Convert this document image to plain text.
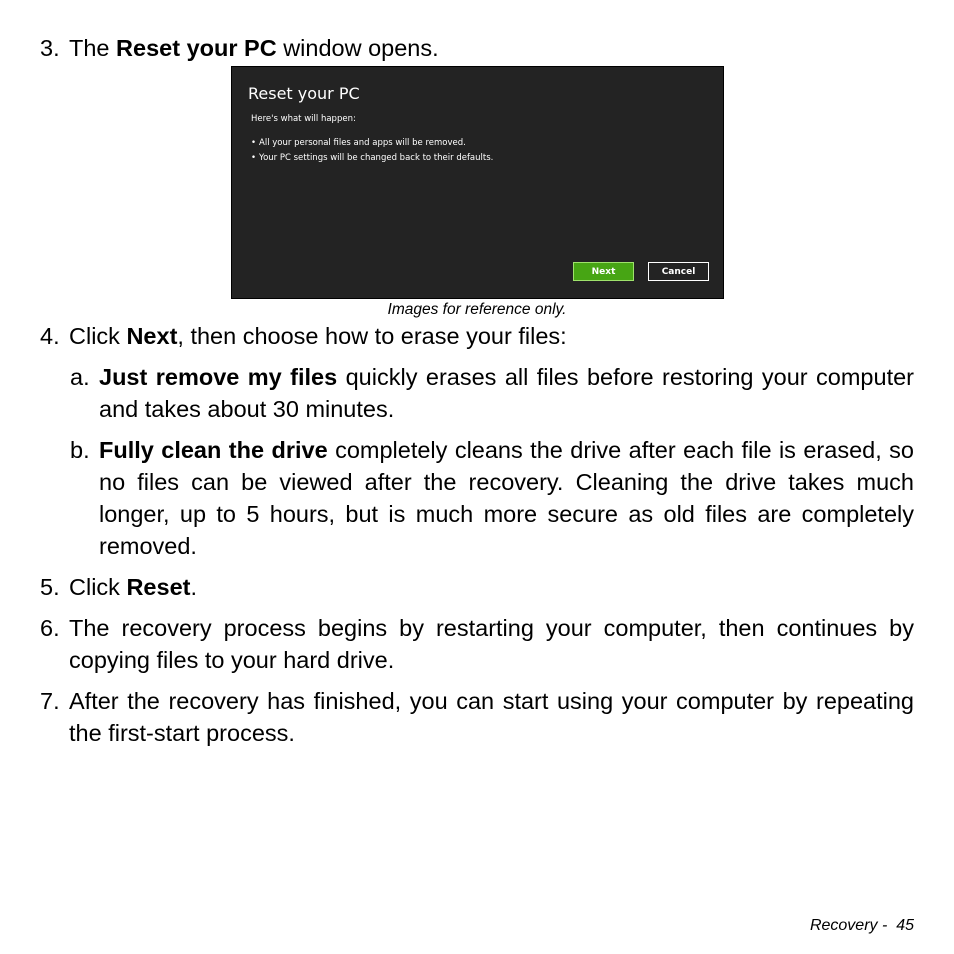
3. The Reset your PC window opens.
Reset your PC
Here's what will happen:
• All your personal files and apps will be removed.
• Your PC settings will be changed back to their defaults.
Next	Cancel
Images for reference only.
4. Click Next, then choose how to erase your files:
a. Just remove my files quickly erases all files before restoring your computer and takes about 30 minutes.
b. Fully clean the drive completely cleans the drive after each file is erased, so no files can be viewed after the recovery. Cleaning the drive takes much longer, up to 5 hours, but is much more secure as old files are completely removed.
5. Click Reset.
6. The recovery process begins by restarting your computer, then continues by copying files to your hard drive.
7. After the recovery has finished, you can start using your computer by repeating the first-start process.
Recovery -  45
